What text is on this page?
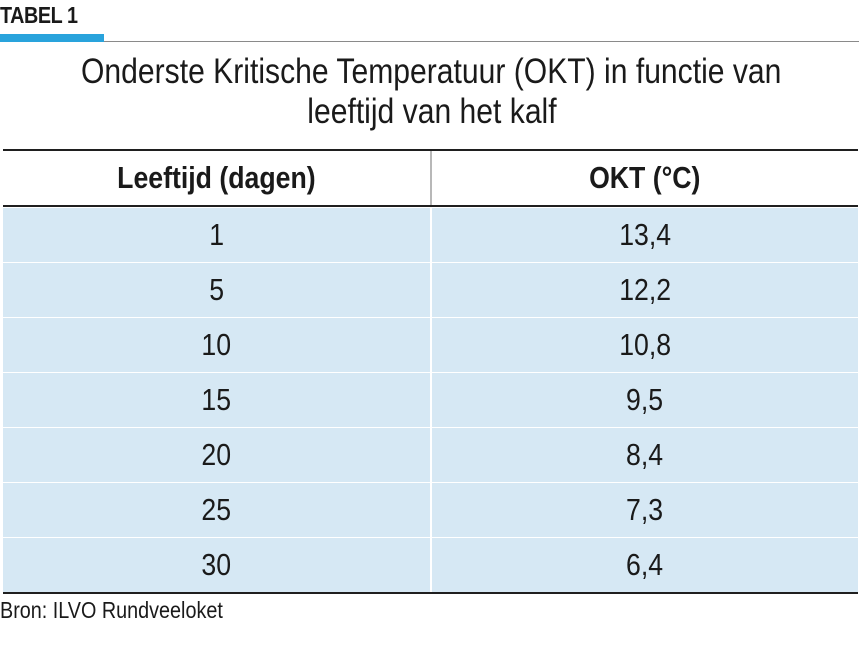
TABEL 1
Onderste Kritische Temperatuur (OKT) in functie van
leeftijd van het kalf
Leeftijd (dagen)	OKT (°C)
1	13,4
5	12,2
10	10,8
15	9,5
20	8,4
25	7,3
30	6,4
Bron: ILVO Rundveeloket
